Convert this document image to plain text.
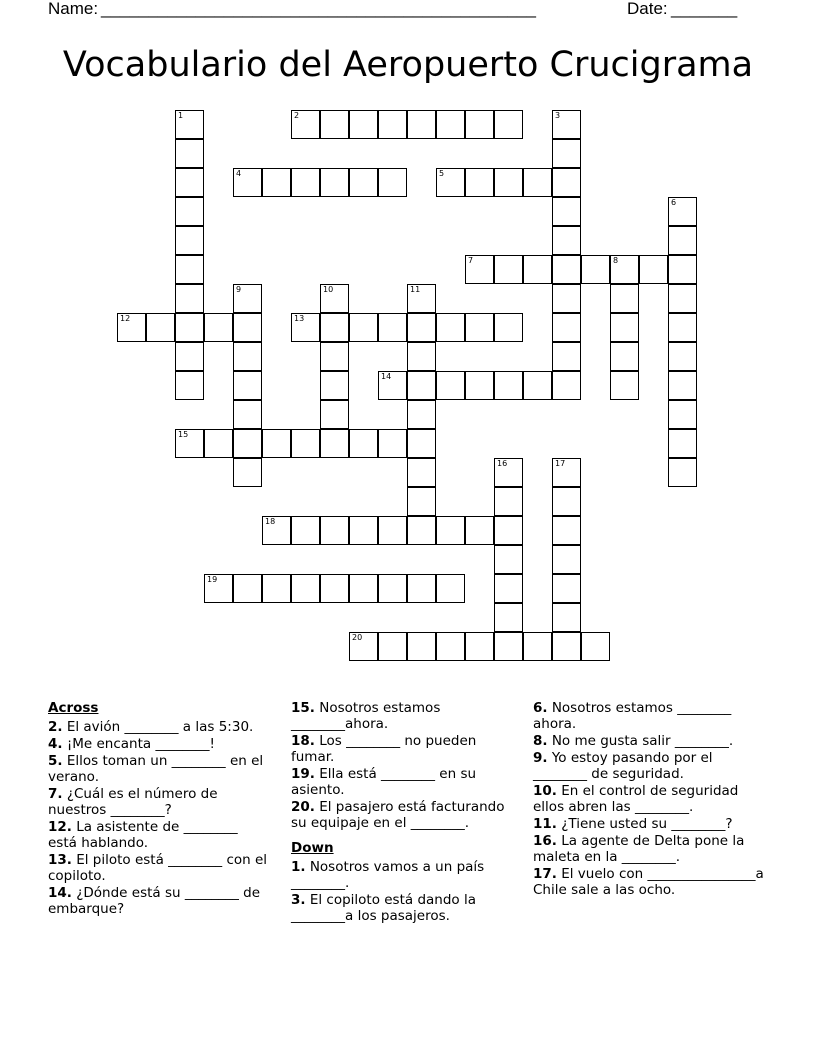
Name: ______________________________________________	Date: _______
Vocabulario del Aeropuerto Crucigrama
1	2	3
4	5
6
7	8
9	10	11
12	13
14
15
16	17
18
19
20
Across
2. El avión ________ a las 5:30.
4. ¡Me encanta ________!
5. Ellos toman un ________ en el verano.
7. ¿Cuál es el número de nuestros ________?
12. La asistente de ________ está hablando.
13. El piloto está ________ con el copiloto.
14. ¿Dónde está su ________ de embarque?
15. Nosotros estamos ________ahora.
18. Los ________ no pueden fumar.
19. Ella está ________ en su asiento.
20. El pasajero está facturando su equipaje en el ________.
Down
1. Nosotros vamos a un país ________.
3. El copiloto está dando la ________a los pasajeros.
6. Nosotros estamos ________ ahora.
8. No me gusta salir ________.
9. Yo estoy pasando por el ________ de seguridad.
10. En el control de seguridad ellos abren las ________.
11. ¿Tiene usted su ________?
16. La agente de Delta pone la maleta en la ________.
17. El vuelo con ________________a Chile sale a las ocho.
